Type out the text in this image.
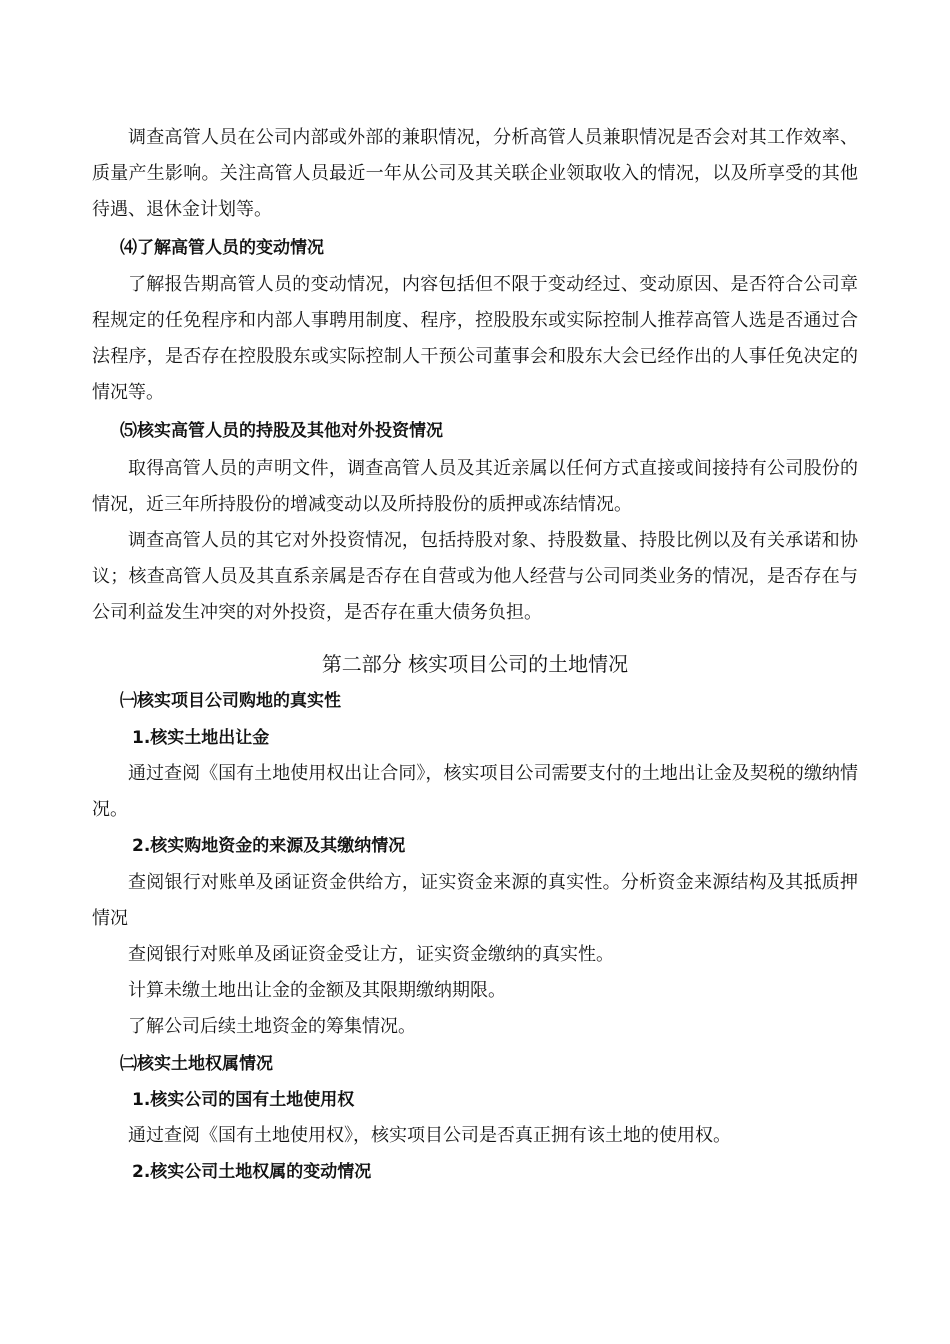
调查高管人员在公司内部或外部的兼职情况，分析高管人员兼职情况是否会对其工作效率、质量产生影响。关注高管人员最近一年从公司及其关联企业领取收入的情况，以及所享受的其他待遇、退休金计划等。

⑷了解高管人员的变动情况

了解报告期高管人员的变动情况，内容包括但不限于变动经过、变动原因、是否符合公司章程规定的任免程序和内部人事聘用制度、程序，控股股东或实际控制人推荐高管人选是否通过合法程序，是否存在控股股东或实际控制人干预公司董事会和股东大会已经作出的人事任免决定的情况等。

⑸核实高管人员的持股及其他对外投资情况

取得高管人员的声明文件，调查高管人员及其近亲属以任何方式直接或间接持有公司股份的情况，近三年所持股份的增减变动以及所持股份的质押或冻结情况。

调查高管人员的其它对外投资情况，包括持股对象、持股数量、持股比例以及有关承诺和协议；核查高管人员及其直系亲属是否存在自营或为他人经营与公司同类业务的情况，是否存在与公司利益发生冲突的对外投资，是否存在重大债务负担。

第二部分 核实项目公司的土地情况

㈠核实项目公司购地的真实性

1.核实土地出让金

通过查阅《国有土地使用权出让合同》，核实项目公司需要支付的土地出让金及契税的缴纳情况。

2.核实购地资金的来源及其缴纳情况

查阅银行对账单及函证资金供给方，证实资金来源的真实性。分析资金来源结构及其抵质押情况

查阅银行对账单及函证资金受让方，证实资金缴纳的真实性。

计算未缴土地出让金的金额及其限期缴纳期限。

了解公司后续土地资金的筹集情况。

㈡核实土地权属情况

1.核实公司的国有土地使用权

通过查阅《国有土地使用权》，核实项目公司是否真正拥有该土地的使用权。

2.核实公司土地权属的变动情况
